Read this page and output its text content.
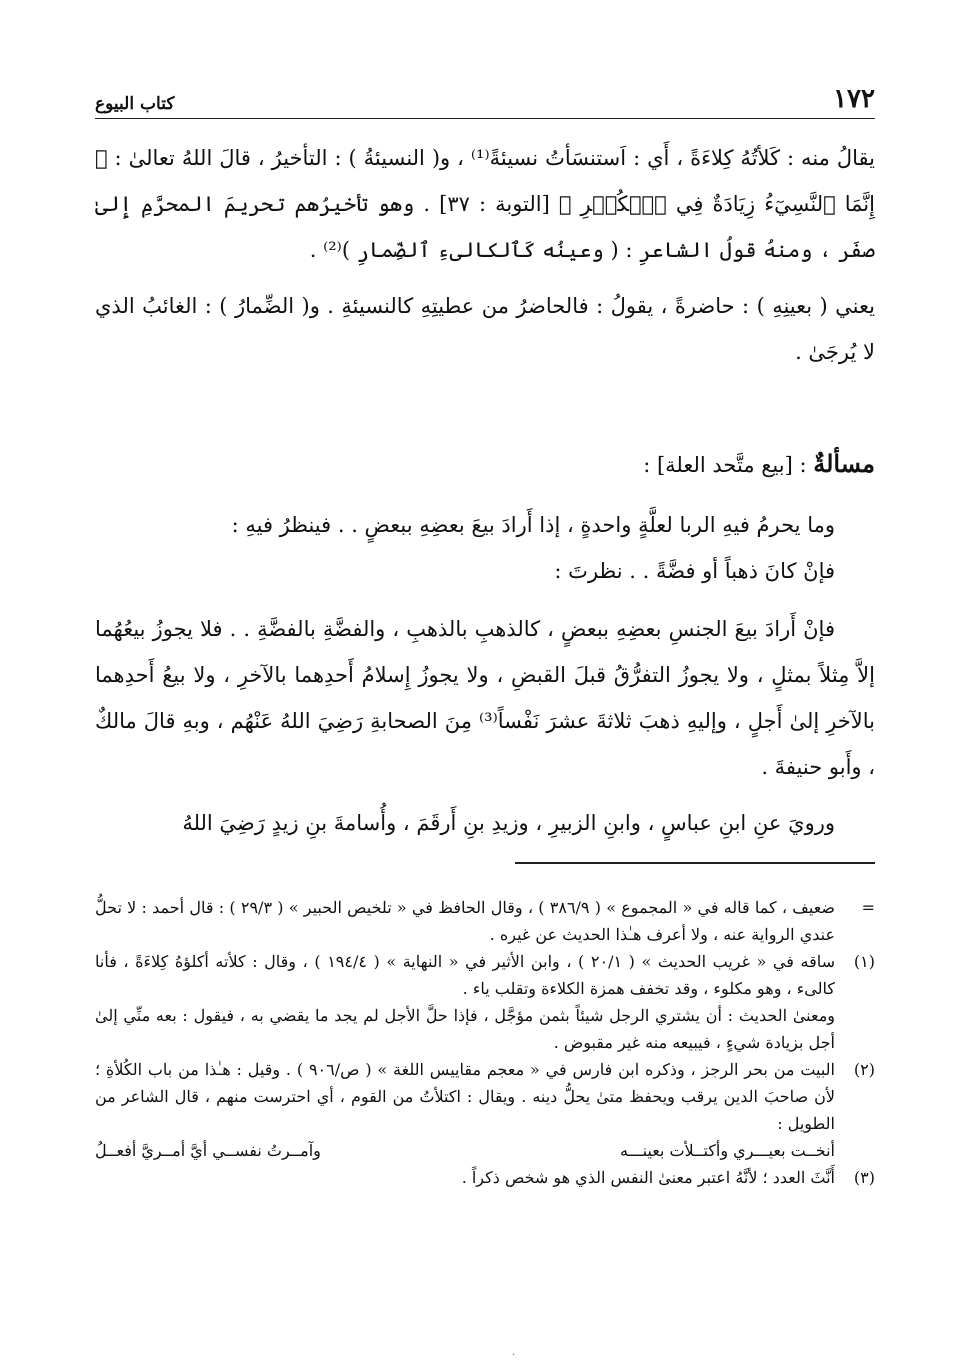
١٧٢
كتاب البيوع

يقالُ منه : كَلأتُهُ كِلاءَةً ، أَي : اَستنسَأتُ نسيئةً⁽¹⁾ ، و( النسيئةُ ) : التأخيرُ ، قالَ اللهُ تعالىٰ : ﴿ إِنَّمَا ٱلنَّسِيٓءُ زِيَادَةٌ فِي ٱلۡكُفۡرِ ﴾ [التوبة : ٣٧] . وهو تأخيرُهم تحريمَ المحرَّمِ إِلىٰ صفَر ، ومنهُ قولُ الشاعرِ : ( وعينُه كَٱلكالىءِ ٱلضِّمارِ )⁽²⁾ .

يعني ( بعينِهِ ) : حاضرةً ، يقولُ : فالحاضرُ من عطيتِهِ كالنسيئةِ . و( الضِّمارُ ) : الغائبُ الذي لا يُرجَىٰ .

مسألةٌ : [بيع متَّحد العلة] :

وما يحرمُ فيهِ الربا لعلَّةٍ واحدةٍ ، إذا أَرادَ بيعَ بعضِهِ ببعضٍ . . فينظرُ فيهِ :

فإنْ كانَ ذهباً أو فضَّةً . . نظرتَ :

فإنْ أَرادَ بيعَ الجنسِ بعضِهِ ببعضٍ ، كالذهبِ بالذهبِ ، والفضَّةِ بالفضَّةِ . . فلا يجوزُ بيعُهُما إلاَّ مِثلاً بمثلٍ ، ولا يجوزُ التفرُّقُ قبلَ القبضِ ، ولا يجوزُ إِسلامُ أَحدِهما بالآخرِ ، ولا بيعُ أَحدِهما بالآخرِ إلىٰ أَجلٍ ، وإليهِ ذهبَ ثلاثةَ عشرَ نَفْساً⁽³⁾ مِنَ الصحابةِ رَضِيَ اللهُ عَنْهُم ، وبهِ قالَ مالكٌ ، وأَبو حنيفةَ .

ورويَ عنِ ابنِ عباسٍ ، وابنِ الزبيرِ ، وزيدِ بنِ أَرقَمَ ، وأُسامةَ بنِ زيدٍ رَضِيَ اللهُ

=
ضعيف ، كما قاله في « المجموع » ( ٣٨٦/٩ ) ، وقال الحافظ في « تلخيص الحبير » ( ٢٩/٣ ) : قال أحمد : لا تحلُّ عندي الرواية عنه ، ولا أعرف هـٰذا الحديث عن غيره .
(١)
ساقه في « غريب الحديث » ( ٢٠/١ ) ، وابن الأثير في « النهاية » ( ١٩٤/٤ ) ، وقال : كلأته أكلؤهُ كِلاءَةً ، فأنا كالىء ، وهو مكلوء ، وقد تخفف همزة الكلاءة وتقلب ياء .

ومعنىٰ الحديث : أن يشتري الرجل شيئاً بثمن مؤجَّل ، فإذا حلَّ الأجل لم يجد ما يقضي به ، فيقول : بعه منِّي إلىٰ أجل بزيادة شيءٍ ، فيبيعه منه غير مقبوض .

(٢)
البيت من بحر الرجز ، وذكره ابن فارس في « معجم مقاييس اللغة » ( ص/٩٠٦ ) . وقيل : هـٰذا من باب الكُلأةِ ؛ لأن صاحبَ الدين يرقب ويحفظ متىٰ يحلُّ دينه . ويقال : اكتلأتُ من القوم ، أي احترست منهم ، قال الشاعر من الطويل :
أنخــت بعيـــري وأكتــلأت بعينـــه
وآمــرتُ نفســي أيَّ أمــريَّ أفعــلُ
(٣)
أَنَّثَ العدد ؛ لأنَّهُ اعتبر معنىٰ النفس الذي هو شخص ذكراً .
·
